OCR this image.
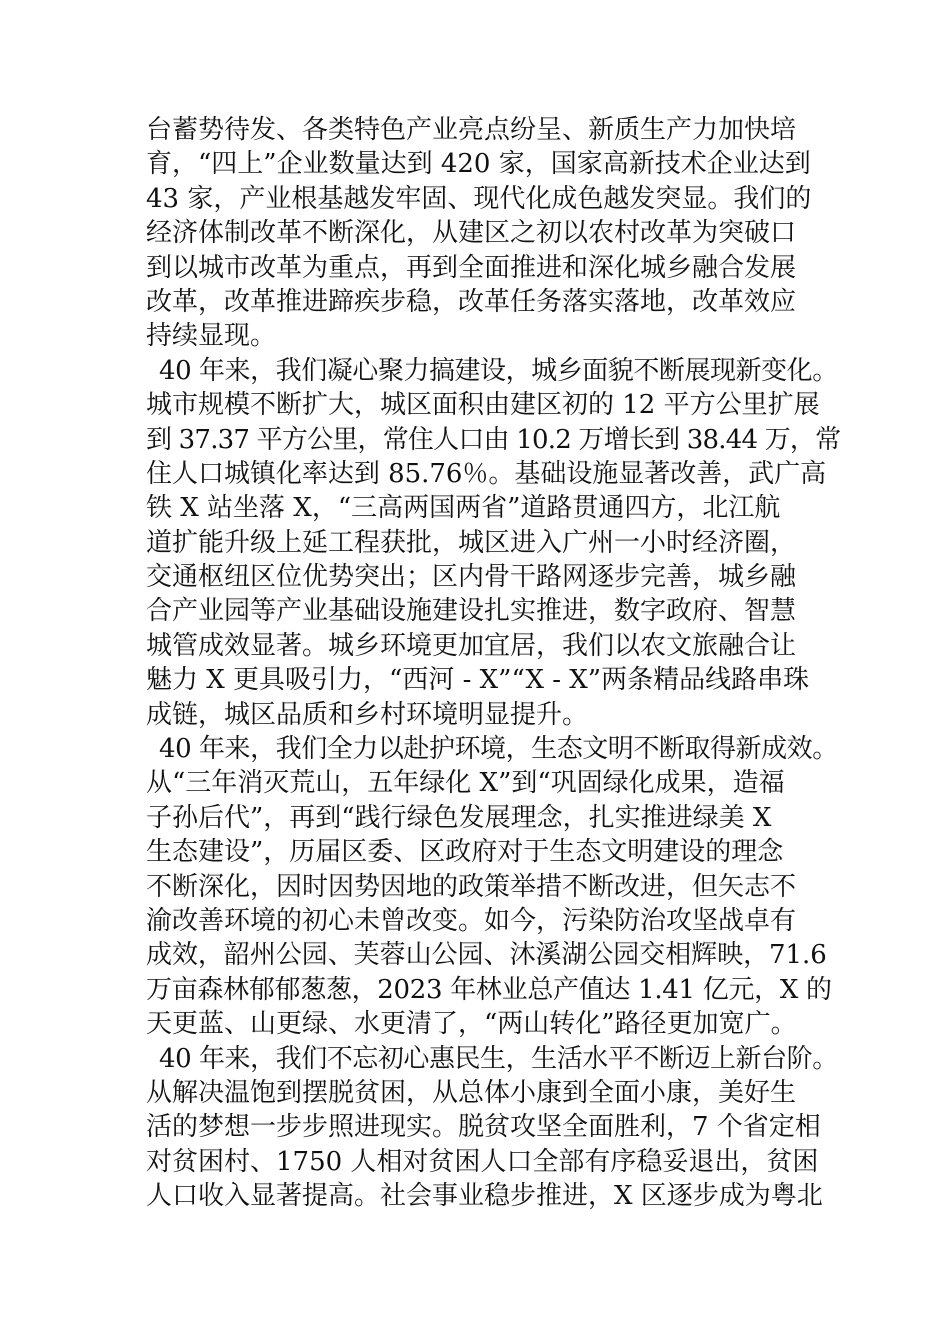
台蓄势待发、各类特色产业亮点纷呈、新质生产力加快培
育，“四上”企业数量达到 420 家，国家高新技术企业达到
43 家，产业根基越发牢固、现代化成色越发突显。我们的
经济体制改革不断深化，从建区之初以农村改革为突破口
到以城市改革为重点，再到全面推进和深化城乡融合发展
改革，改革推进蹄疾步稳，改革任务落实落地，改革效应
持续显现。
40 年来，我们凝心聚力搞建设，城乡面貌不断展现新变化。
城市规模不断扩大，城区面积由建区初的 12 平方公里扩展
到 37.37 平方公里，常住人口由 10.2 万增长到 38.44 万，常
住人口城镇化率达到 85.76％。基础设施显著改善，武广高
铁 X 站坐落 X，“三高两国两省”道路贯通四方，北江航
道扩能升级上延工程获批，城区进入广州一小时经济圈，
交通枢纽区位优势突出；区内骨干路网逐步完善，城乡融
合产业园等产业基础设施建设扎实推进，数字政府、智慧
城管成效显著。城乡环境更加宜居，我们以农文旅融合让
魅力 X 更具吸引力，“西河 - X”“X - X”两条精品线路串珠
成链，城区品质和乡村环境明显提升。
40 年来，我们全力以赴护环境，生态文明不断取得新成效。
从“三年消灭荒山，五年绿化 X”到“巩固绿化成果，造福
子孙后代”，再到“践行绿色发展理念，扎实推进绿美 X
生态建设”，历届区委、区政府对于生态文明建设的理念
不断深化，因时因势因地的政策举措不断改进，但矢志不
渝改善环境的初心未曾改变。如今，污染防治攻坚战卓有
成效，韶州公园、芙蓉山公园、沐溪湖公园交相辉映，71.6
万亩森林郁郁葱葱，2023 年林业总产值达 1.41 亿元，X 的
天更蓝、山更绿、水更清了，“两山转化”路径更加宽广。
40 年来，我们不忘初心惠民生，生活水平不断迈上新台阶。
从解决温饱到摆脱贫困，从总体小康到全面小康，美好生
活的梦想一步步照进现实。脱贫攻坚全面胜利，7 个省定相
对贫困村、1750 人相对贫困人口全部有序稳妥退出，贫困
人口收入显著提高。社会事业稳步推进，X 区逐步成为粤北
